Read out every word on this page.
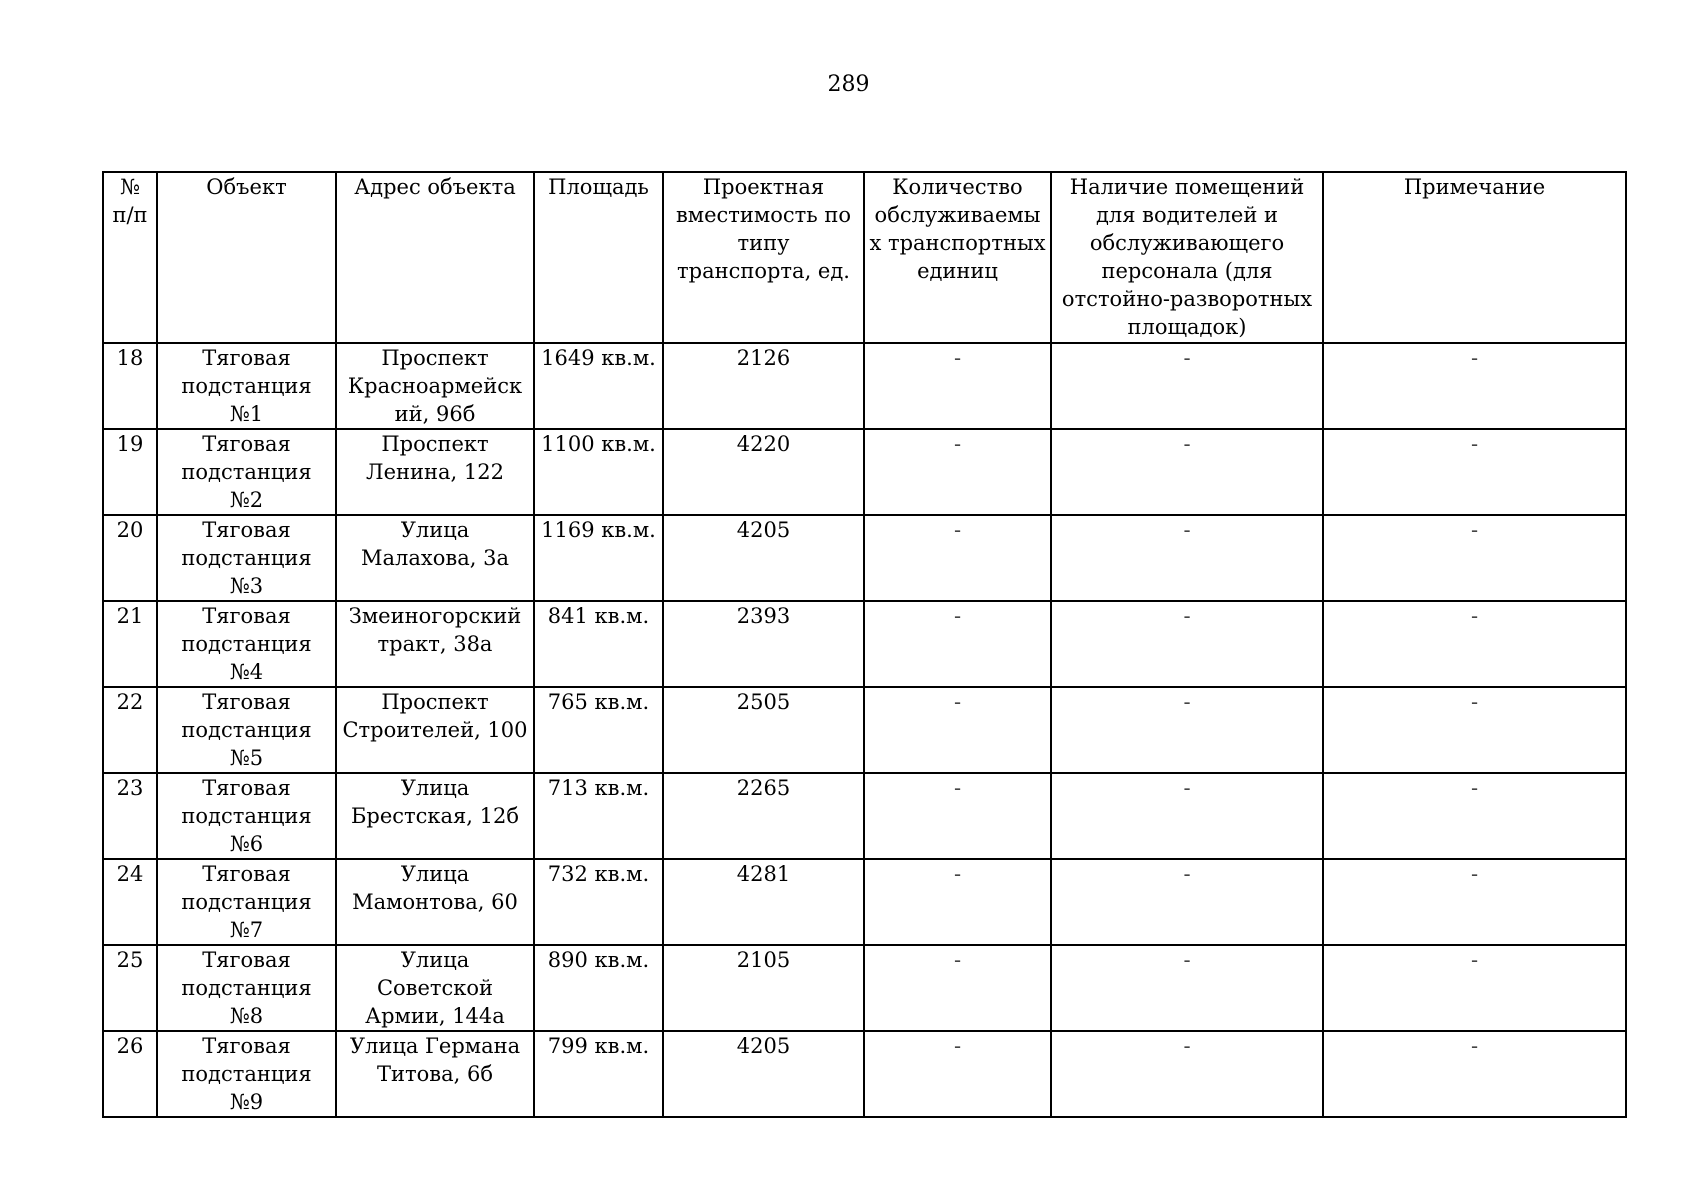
289
№ п/п	Объект	Адрес объекта	Площадь	Проектная вместимость по типу транспорта, ед.	Количество обслуживаемых транспортных единиц	Наличие помещений для водителей и обслуживающего персонала (для отстойно-разворотных площадок)	Примечание
18	Тяговая подстанция №1	Проспект Красноармейский, 96б	1649 кв.м.	2126	-	-	-
19	Тяговая подстанция №2	Проспект Ленина, 122	1100 кв.м.	4220	-	-	-
20	Тяговая подстанция №3	Улица Малахова, 3а	1169 кв.м.	4205	-	-	-
21	Тяговая подстанция №4	Змеиногорский тракт, 38а	841 кв.м.	2393	-	-	-
22	Тяговая подстанция №5	Проспект Строителей, 100	765 кв.м.	2505	-	-	-
23	Тяговая подстанция №6	Улица Брестская, 12б	713 кв.м.	2265	-	-	-
24	Тяговая подстанция №7	Улица Мамонтова, 60	732 кв.м.	4281	-	-	-
25	Тяговая подстанция №8	Улица Советской Армии, 144а	890 кв.м.	2105	-	-	-
26	Тяговая подстанция №9	Улица Германа Титова, 6б	799 кв.м.	4205	-	-	-
